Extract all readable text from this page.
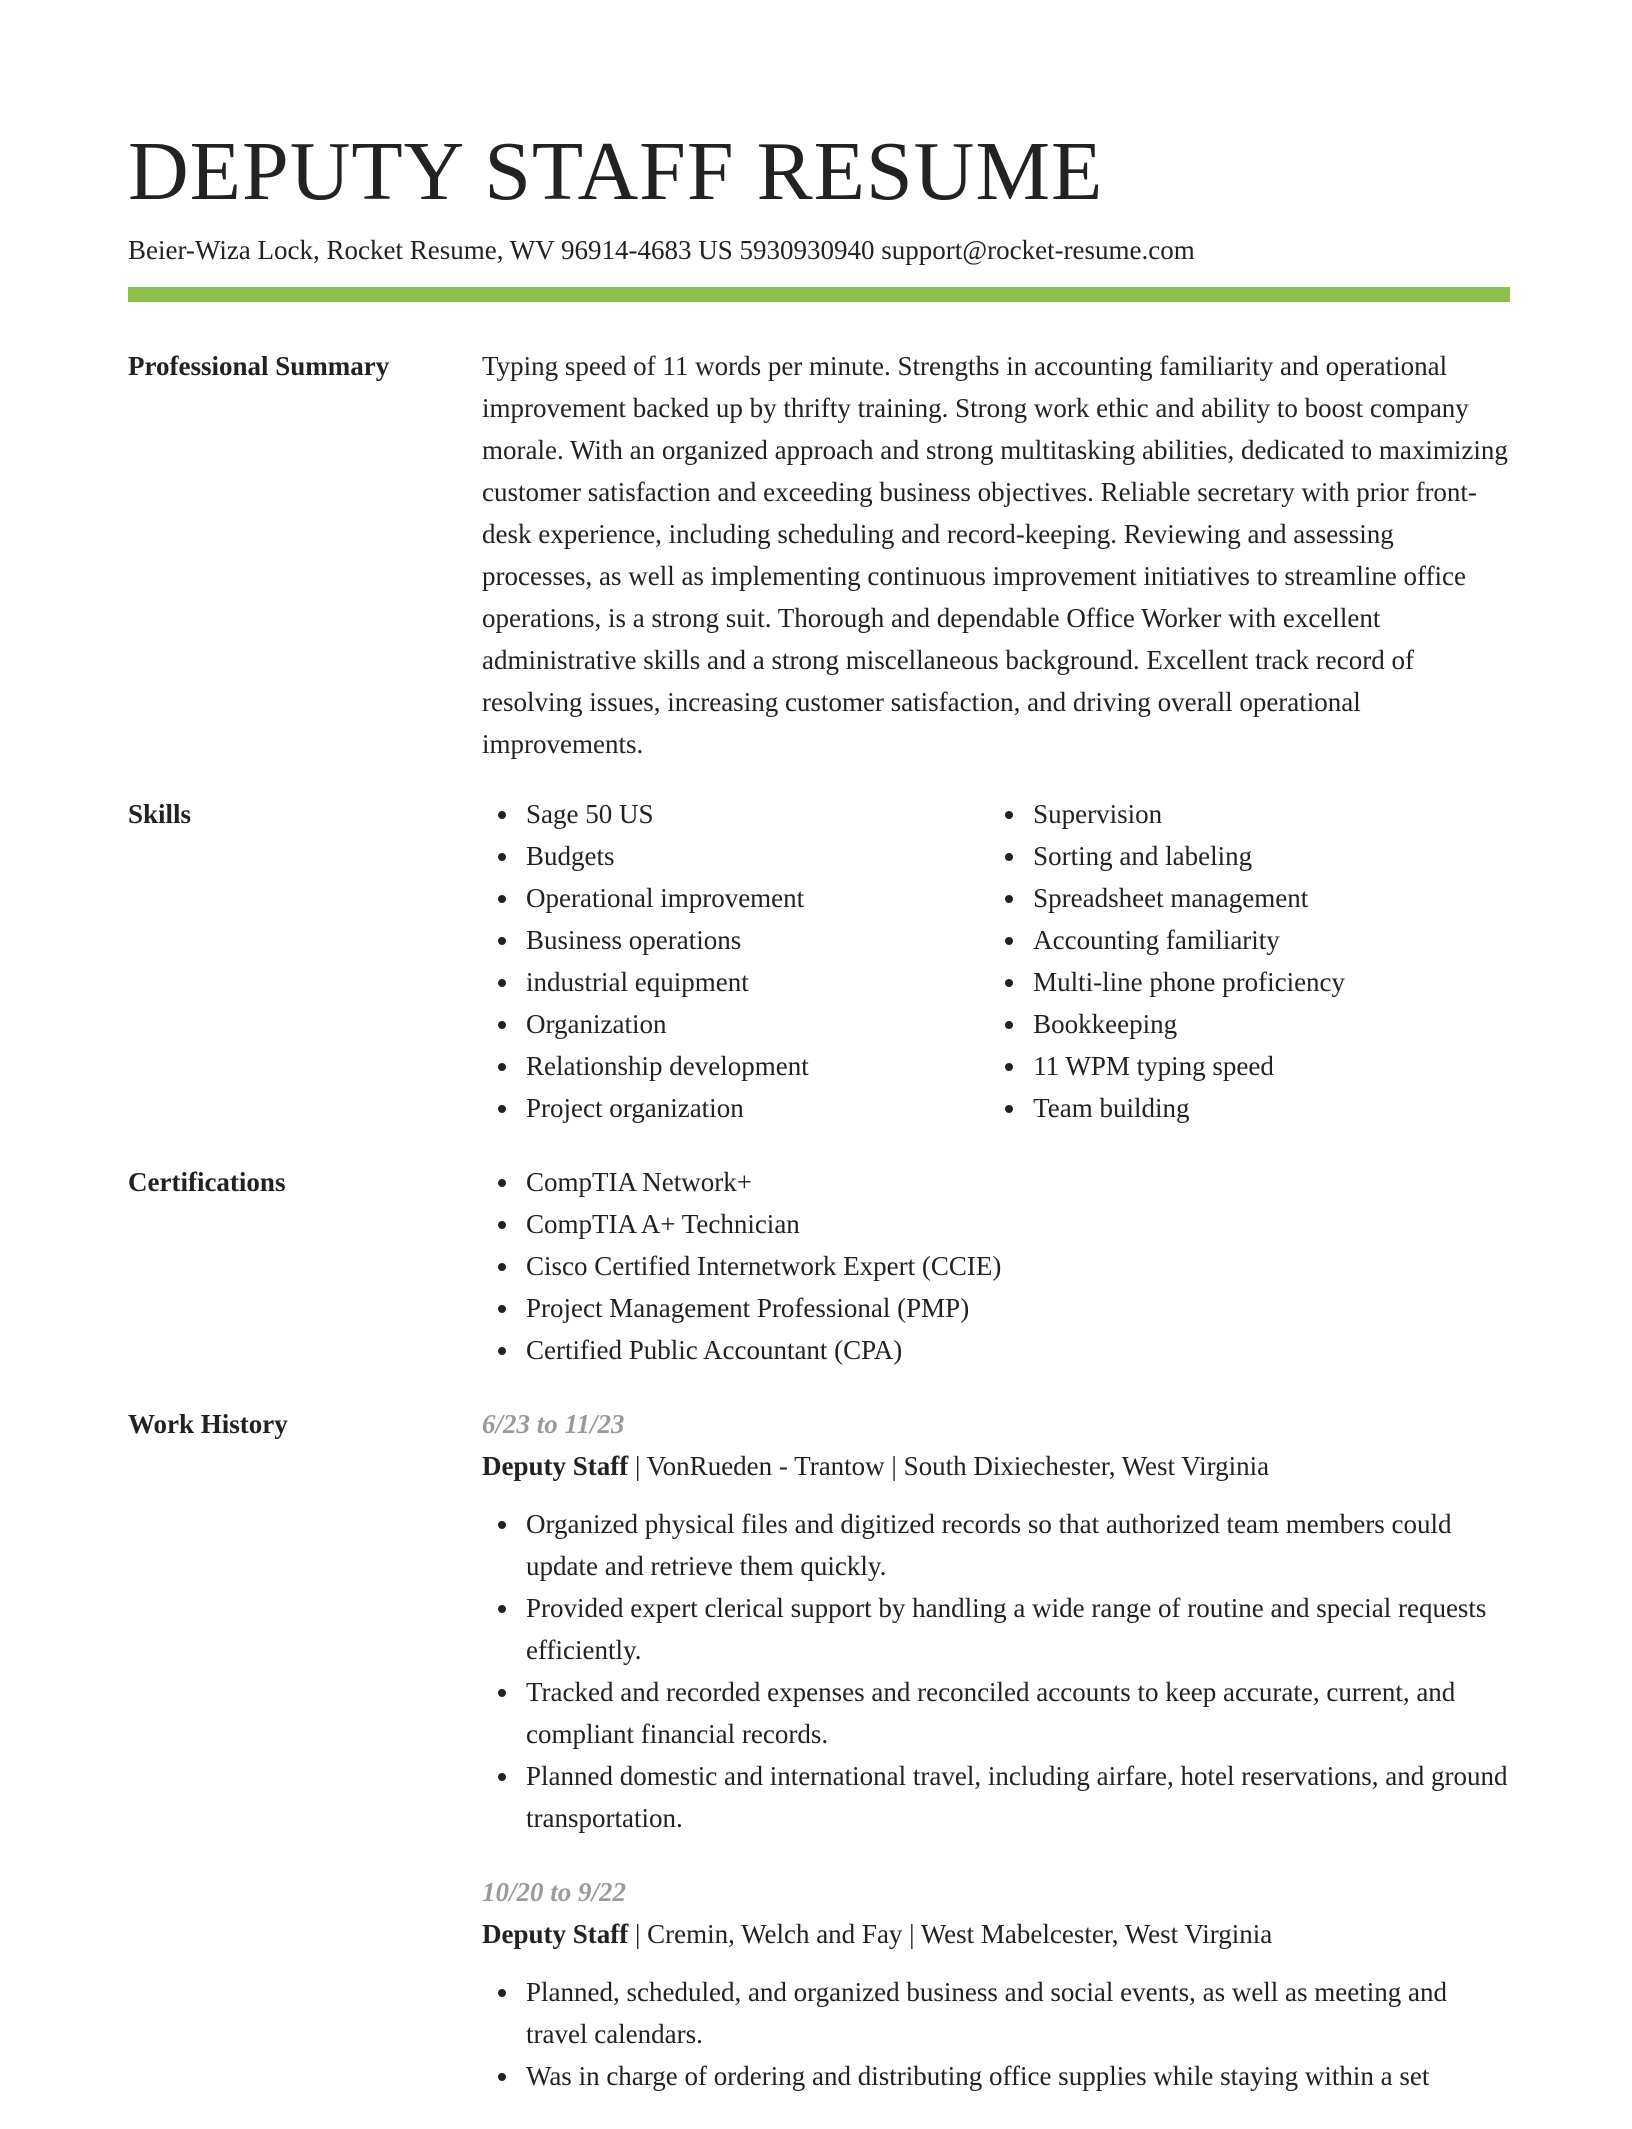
DEPUTY STAFF RESUME
Beier-Wiza Lock, Rocket Resume, WV 96914-4683 US 5930930940 support@rocket-resume.com
Professional Summary	Typing speed of 11 words per minute. Strengths in accounting familiarity and operational improvement backed up by thrifty training. Strong work ethic and ability to boost company morale. With an organized approach and strong multitasking abilities, dedicated to maximizing customer satisfaction and exceeding business objectives. Reliable secretary with prior front-desk experience, including scheduling and record-keeping. Reviewing and assessing processes, as well as implementing continuous improvement initiatives to streamline office operations, is a strong suit. Thorough and dependable Office Worker with excellent administrative skills and a strong miscellaneous background. Excellent track record of resolving issues, increasing customer satisfaction, and driving overall operational improvements.

Skills	Sage 50 US
Budgets
Operational improvement
Business operations
industrial equipment
Organization
Relationship development
Project organization
Supervision
Sorting and labeling
Spreadsheet management
Accounting familiarity
Multi-line phone proficiency
Bookkeeping
11 WPM typing speed
Team building
Certifications	CompTIA Network+
CompTIA A+ Technician
Cisco Certified Internetwork Expert (CCIE)
Project Management Professional (PMP)
Certified Public Accountant (CPA)
Work History	6/23 to 11/23
Deputy Staff | VonRueden - Trantow | South Dixiechester, West Virginia
Organized physical files and digitized records so that authorized team members could update and retrieve them quickly.
Provided expert clerical support by handling a wide range of routine and special requests efficiently.
Tracked and recorded expenses and reconciled accounts to keep accurate, current, and compliant financial records.
Planned domestic and international travel, including airfare, hotel reservations, and ground transportation.
10/20 to 9/22
Deputy Staff | Cremin, Welch and Fay | West Mabelcester, West Virginia
Planned, scheduled, and organized business and social events, as well as meeting and travel calendars.
Was in charge of ordering and distributing office supplies while staying within a set
